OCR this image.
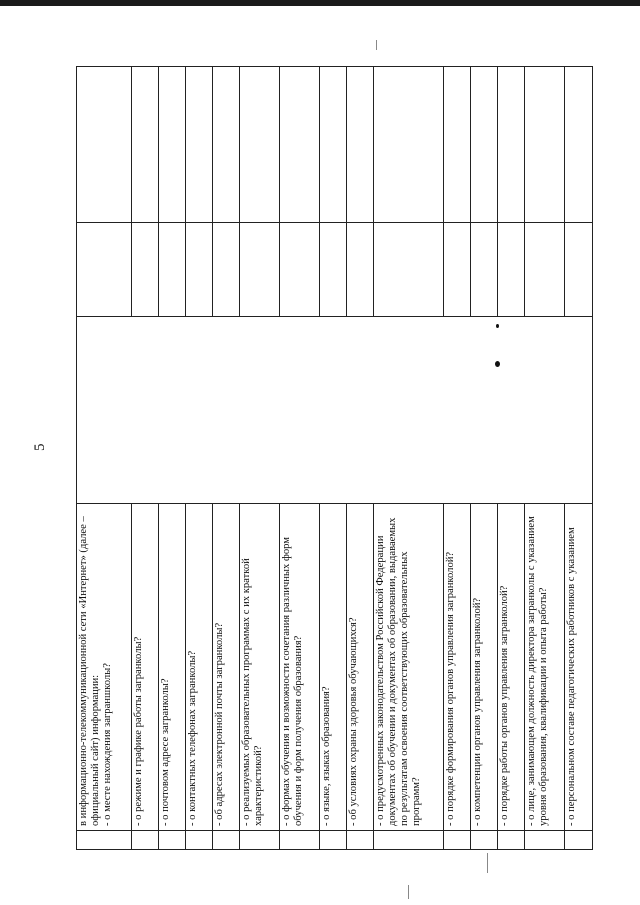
5

	в информационно-телекоммуникационной сети «Интернет» (далее – официальный сайт) информации: - о месте нахождения заграншколы?			

	- о режиме и графике работы загранколы?			

	- о почтовом адресе загранколы?			

	- о контактных телефонах загранколы?			

	- об адресах электронной почты загранколы?			

	- о реализуемых образовательных программах с их краткой характеристикой?			

	- о формах обучения и возможности сочетания различных форм обучения и форм получения образования?			

	- о языке, языках образования?			

	- об условиях охраны здоровья обучающихся?			

	- о предусмотренных законодательством Российской Федерации документах об обучении и документах об образовании, выдаваемых по результатам освоения соответствующих образовательных программ?			

	- о порядке формирования органов управления загранколой?			

	- о компетенции органов управления загранколой?			

	- о порядке работы органов управления загранколой?			

	- о лице, занимающем должность директора загранколы с указанием уровня образования, квалификации и опыта работы?			

	- о персональном составе педагогических работников с указанием			
